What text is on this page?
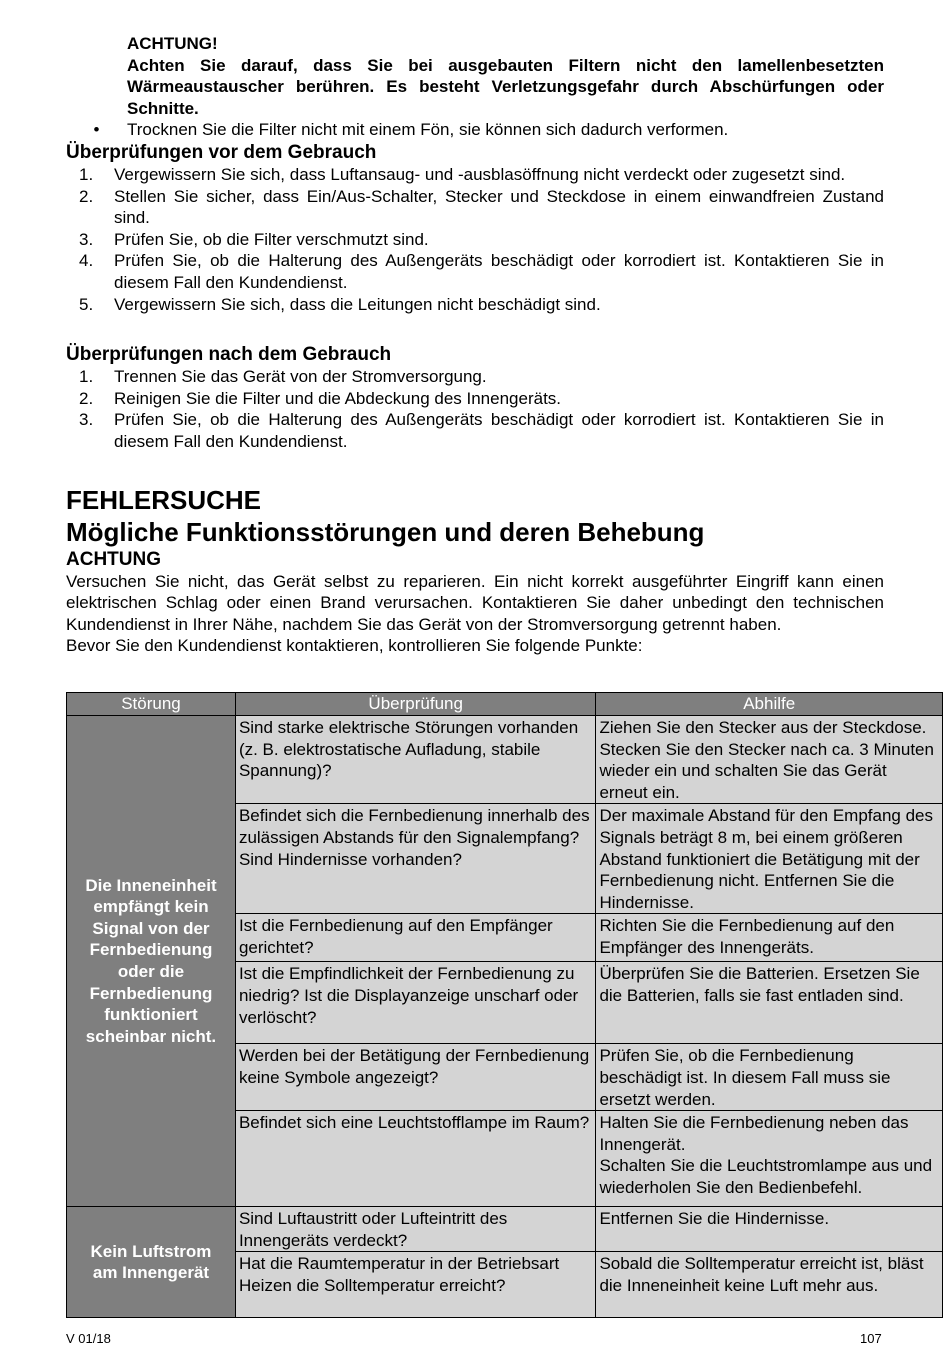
ACHTUNG!
Achten Sie darauf, dass Sie bei ausgebauten Filtern nicht den lamellenbesetzten Wärmeaustauscher berühren. Es besteht Verletzungsgefahr durch Abschürfungen oder Schnitte.
•	Trocknen Sie die Filter nicht mit einem Fön, sie können sich dadurch verformen.
Überprüfungen vor dem Gebrauch
1.	Vergewissern Sie sich, dass Luftansaug- und -ausblasöffnung nicht verdeckt oder zugesetzt sind.
2.	Stellen Sie sicher, dass Ein/Aus-Schalter, Stecker und Steckdose in einem einwandfreien Zustand sind.
3.	Prüfen Sie, ob die Filter verschmutzt sind.
4.	Prüfen Sie, ob die Halterung des Außengeräts beschädigt oder korrodiert ist. Kontaktieren Sie in diesem Fall den Kundendienst.
5.	Vergewissern Sie sich, dass die Leitungen nicht beschädigt sind.
Überprüfungen nach dem Gebrauch
1.	Trennen Sie das Gerät von der Stromversorgung.
2.	Reinigen Sie die Filter und die Abdeckung des Innengeräts.
3.	Prüfen Sie, ob die Halterung des Außengeräts beschädigt oder korrodiert ist. Kontaktieren Sie in diesem Fall den Kundendienst.
FEHLERSUCHE
Mögliche Funktionsstörungen und deren Behebung
ACHTUNG

Versuchen Sie nicht, das Gerät selbst zu reparieren. Ein nicht korrekt ausgeführter Eingriff kann einen elektrischen Schlag oder einen Brand verursachen. Kontaktieren Sie daher unbedingt den technischen Kundendienst in Ihrer Nähe, nachdem Sie das Gerät von der Stromversorgung getrennt haben.

Bevor Sie den Kundendienst kontaktieren, kontrollieren Sie folgende Punkte:

Störung	Überprüfung	Abhilfe
Die Inneneinheit empfängt kein Signal von der Fernbedienung oder die Fernbedienung funktioniert scheinbar nicht.	Sind starke elektrische Störungen vorhanden (z. B. elektrostatische Aufladung, stabile Spannung)?	Ziehen Sie den Stecker aus der Steckdose. Stecken Sie den Stecker nach ca. 3 Minuten wieder ein und schalten Sie das Gerät erneut ein.
	Befindet sich die Fernbedienung innerhalb des zulässigen Abstands für den Signalempfang?
Sind Hindernisse vorhanden?	Der maximale Abstand für den Empfang des Signals beträgt 8 m, bei einem größeren Abstand funktioniert die Betätigung mit der Fernbedienung nicht. Entfernen Sie die Hindernisse.
	Ist die Fernbedienung auf den Empfänger gerichtet?	Richten Sie die Fernbedienung auf den Empfänger des Innengeräts.
	Ist die Empfindlichkeit der Fernbedienung zu niedrig? Ist die Displayanzeige unscharf oder verlöscht?	Überprüfen Sie die Batterien. Ersetzen Sie die Batterien, falls sie fast entladen sind.
	Werden bei der Betätigung der Fernbedienung keine Symbole angezeigt?	Prüfen Sie, ob die Fernbedienung beschädigt ist. In diesem Fall muss sie ersetzt werden.
	Befindet sich eine Leuchtstofflampe im Raum?	Halten Sie die Fernbedienung neben das Innengerät.
Schalten Sie die Leuchtstromlampe aus und wiederholen Sie den Bedienbefehl.
Kein Luftstrom am Innengerät	Sind Luftaustritt oder Lufteintritt des Innengeräts verdeckt?	Entfernen Sie die Hindernisse.
	Hat die Raumtemperatur in der Betriebsart Heizen die Solltemperatur erreicht?	Sobald die Solltemperatur erreicht ist, bläst die Inneneinheit keine Luft mehr aus.
V 01/18	107
